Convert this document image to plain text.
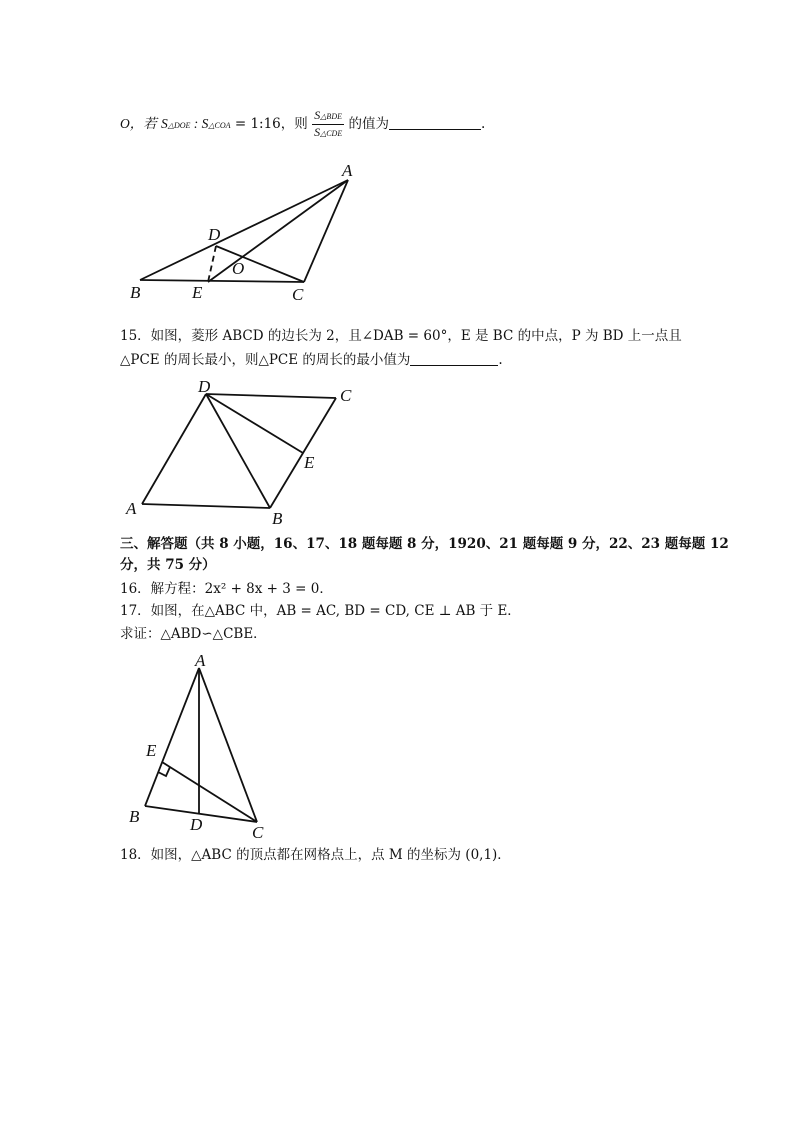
O，若 S△DOE : S△COA = 1:16，则 $\frac{\text{S△BDE}}{\text{S△CDE}}$ 的值为	.
A
B	C
D
E
O
15．如图，菱形 ABCD 的边长为 2，且∠DAB = 60°，E 是 BC 的中点，P 为 BD 上一点且
△PCE 的周长最小，则△PCE 的周长的最小值为	.
D	C
E
A
B
三、解答题（共 8 小题，16、17、18 题每题 8 分，1920、21 题每题 9 分，22、23 题每题 12
分，共 75 分）
16．解方程：2x² + 8x + 3 = 0．
17．如图，在△ABC 中，AB = AC, BD = CD, CE ⊥ AB 于 E．
求证：△ABD∽△CBE．
A
E
B	D	C
18．如图，△ABC 的顶点都在网格点上，点 M 的坐标为 (0,1)．
